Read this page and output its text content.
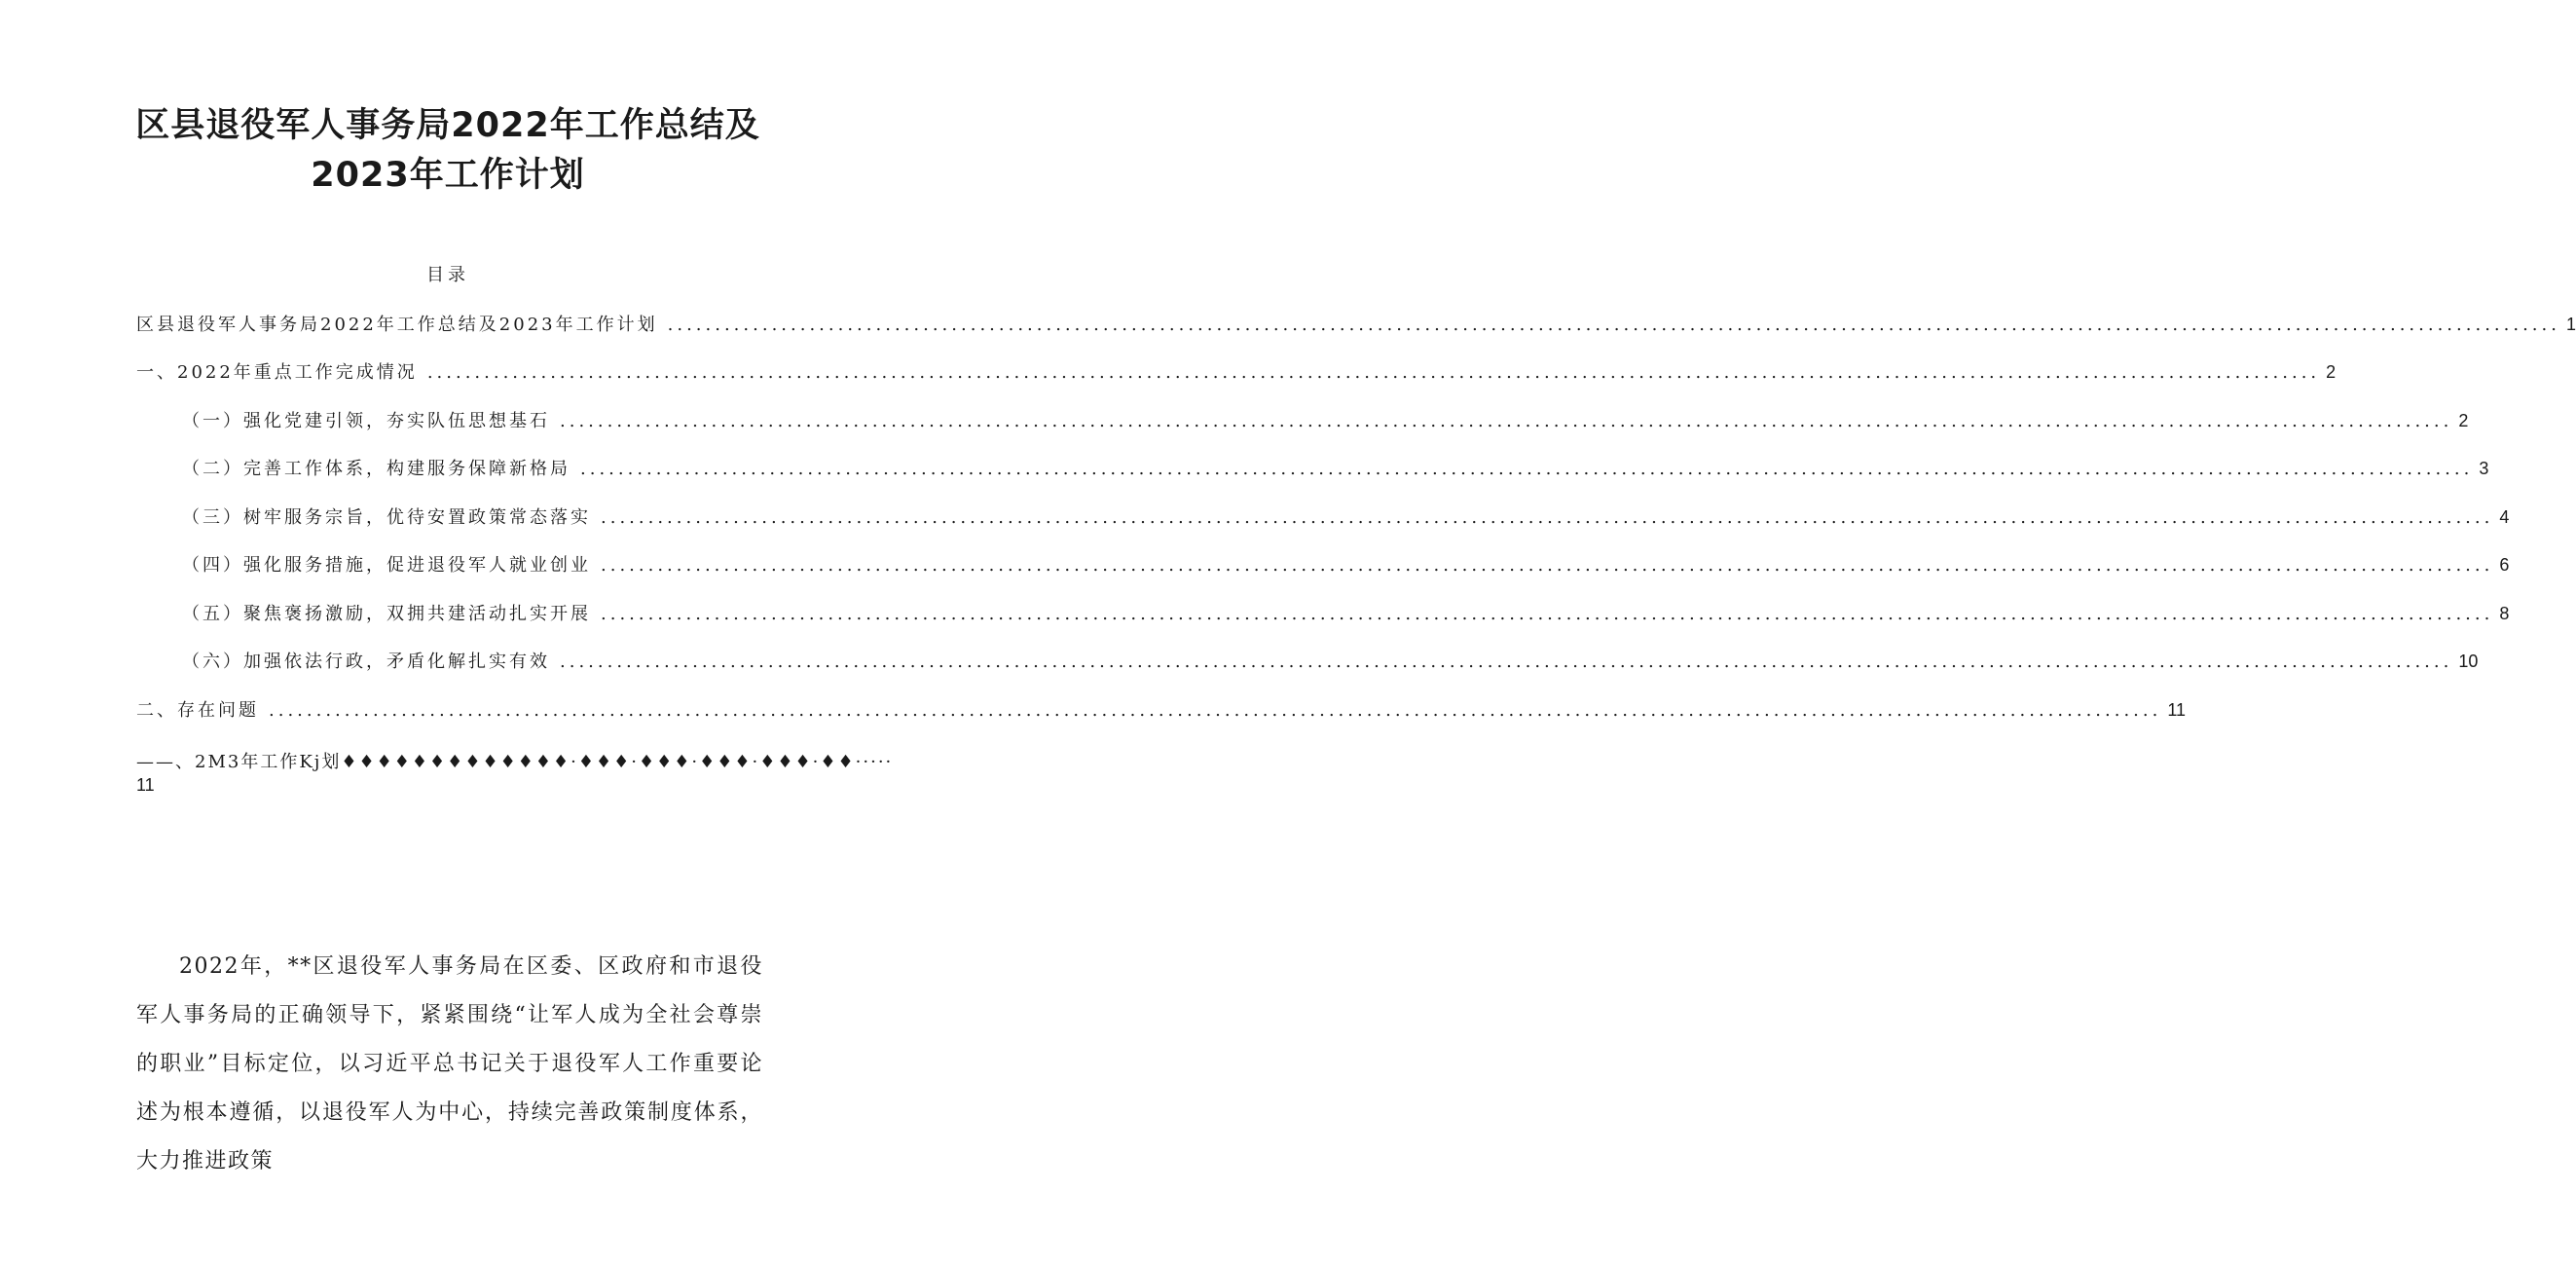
区县退役军人事务局2022年工作总结及
2023年工作计划
目录
区县退役军人事务局2022年工作总结及2023年工作计划 ........................................................................................................................................................................................................ 1
一、2022年重点工作完成情况 ........................................................................................................................................................................................................ 2
（一）强化党建引领，夯实队伍思想基石 ........................................................................................................................................................................................................ 2
（二）完善工作体系，构建服务保障新格局 ........................................................................................................................................................................................................ 3
（三）树牢服务宗旨，优待安置政策常态落实 ........................................................................................................................................................................................................ 4
（四）强化服务措施，促进退役军人就业创业 ........................................................................................................................................................................................................ 6
（五）聚焦褒扬激励，双拥共建活动扎实开展 ........................................................................................................................................................................................................ 8
（六）加强依法行政，矛盾化解扎实有效 ........................................................................................................................................................................................................ 10
二、存在问题 ........................................................................................................................................................................................................ 11
——、2M3年工作Kj划♦♦♦♦♦♦♦♦♦♦♦♦♦·♦♦♦·♦♦♦·♦♦♦·♦♦♦·♦♦·····
11

2022年，**区退役军人事务局在区委、区政府和市退役军人事务局的正确领导下，紧紧围绕“让军人成为全社会尊崇的职业”目标定位，以习近平总书记关于退役军人工作重要论述为根本遵循，以退役军人为中心，持续完善政策制度体系，大力推进政策
